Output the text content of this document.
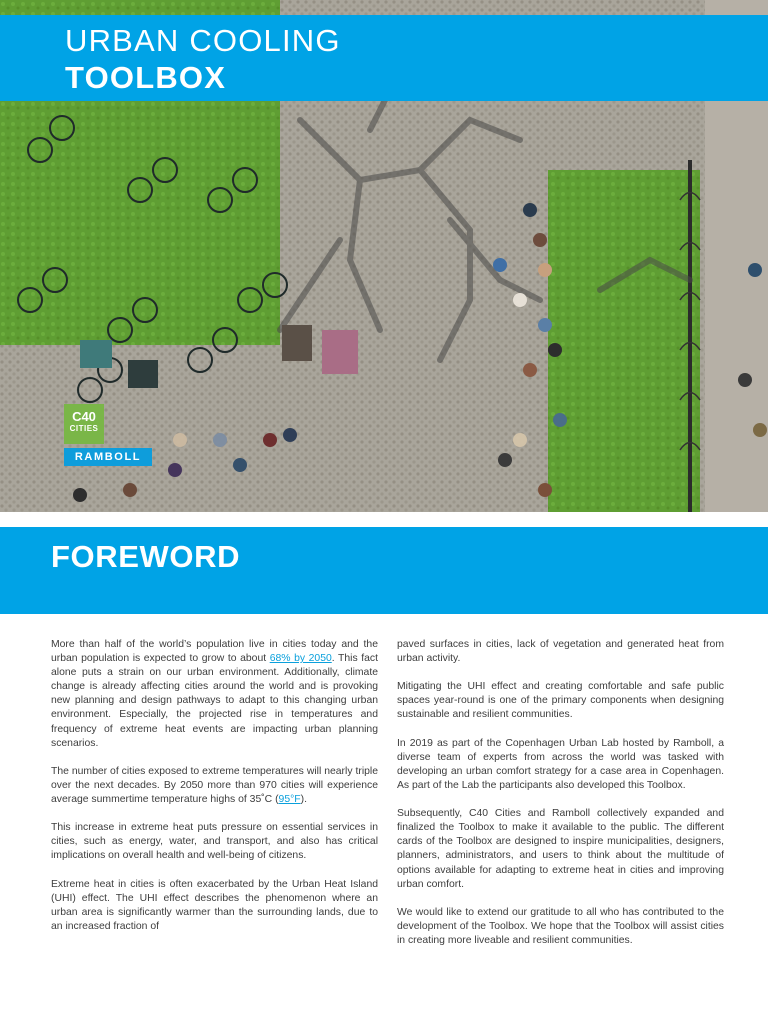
URBAN COOLING
TOOLBOX
C40
CITIES
RAMBOLL
FOREWORD

More than half of the world’s population live in cities today and the urban population is expected to grow to about 68% by 2050. This fact alone puts a strain on our urban environment. Additionally, climate change is already affecting cities around the world and is provoking new planning and design pathways to adapt to this changing urban environment. Especially, the projected rise in temperatures and frequency of extreme heat events are impacting urban planning scenarios.

The number of cities exposed to extreme temperatures will nearly triple over the next decades. By 2050 more than 970 cities will experience average summertime temperature highs of 35˚C (95°F).

This increase in extreme heat puts pressure on essential services in cities, such as energy, water, and transport, and also has critical implications on overall health and well-being of citizens.

Extreme heat in cities is often exacerbated by the Urban Heat Island (UHI) effect. The UHI effect describes the phenomenon where an urban area is significantly warmer than the surrounding lands, due to an increased fraction of

paved surfaces in cities, lack of vegetation and generated heat from urban activity.

Mitigating the UHI effect and creating comfortable and safe public spaces year-round is one of the primary components when designing sustainable and resilient communities.

In 2019 as part of the Copenhagen Urban Lab hosted by Ramboll, a diverse team of experts from across the world was tasked with developing an urban comfort strategy for a case area in Copenhagen. As part of the Lab the participants also developed this Toolbox.

Subsequently, C40 Cities and Ramboll collectively expanded and finalized the Toolbox to make it available to the public. The different cards of the Toolbox are designed to inspire municipalities, designers, planners, administrators, and users to think about the multitude of options available for adapting to extreme heat in cities and improving urban comfort.

We would like to extend our gratitude to all who has contributed to the development of the Toolbox. We hope that the Toolbox will assist cities in creating more liveable and resilient communities.
